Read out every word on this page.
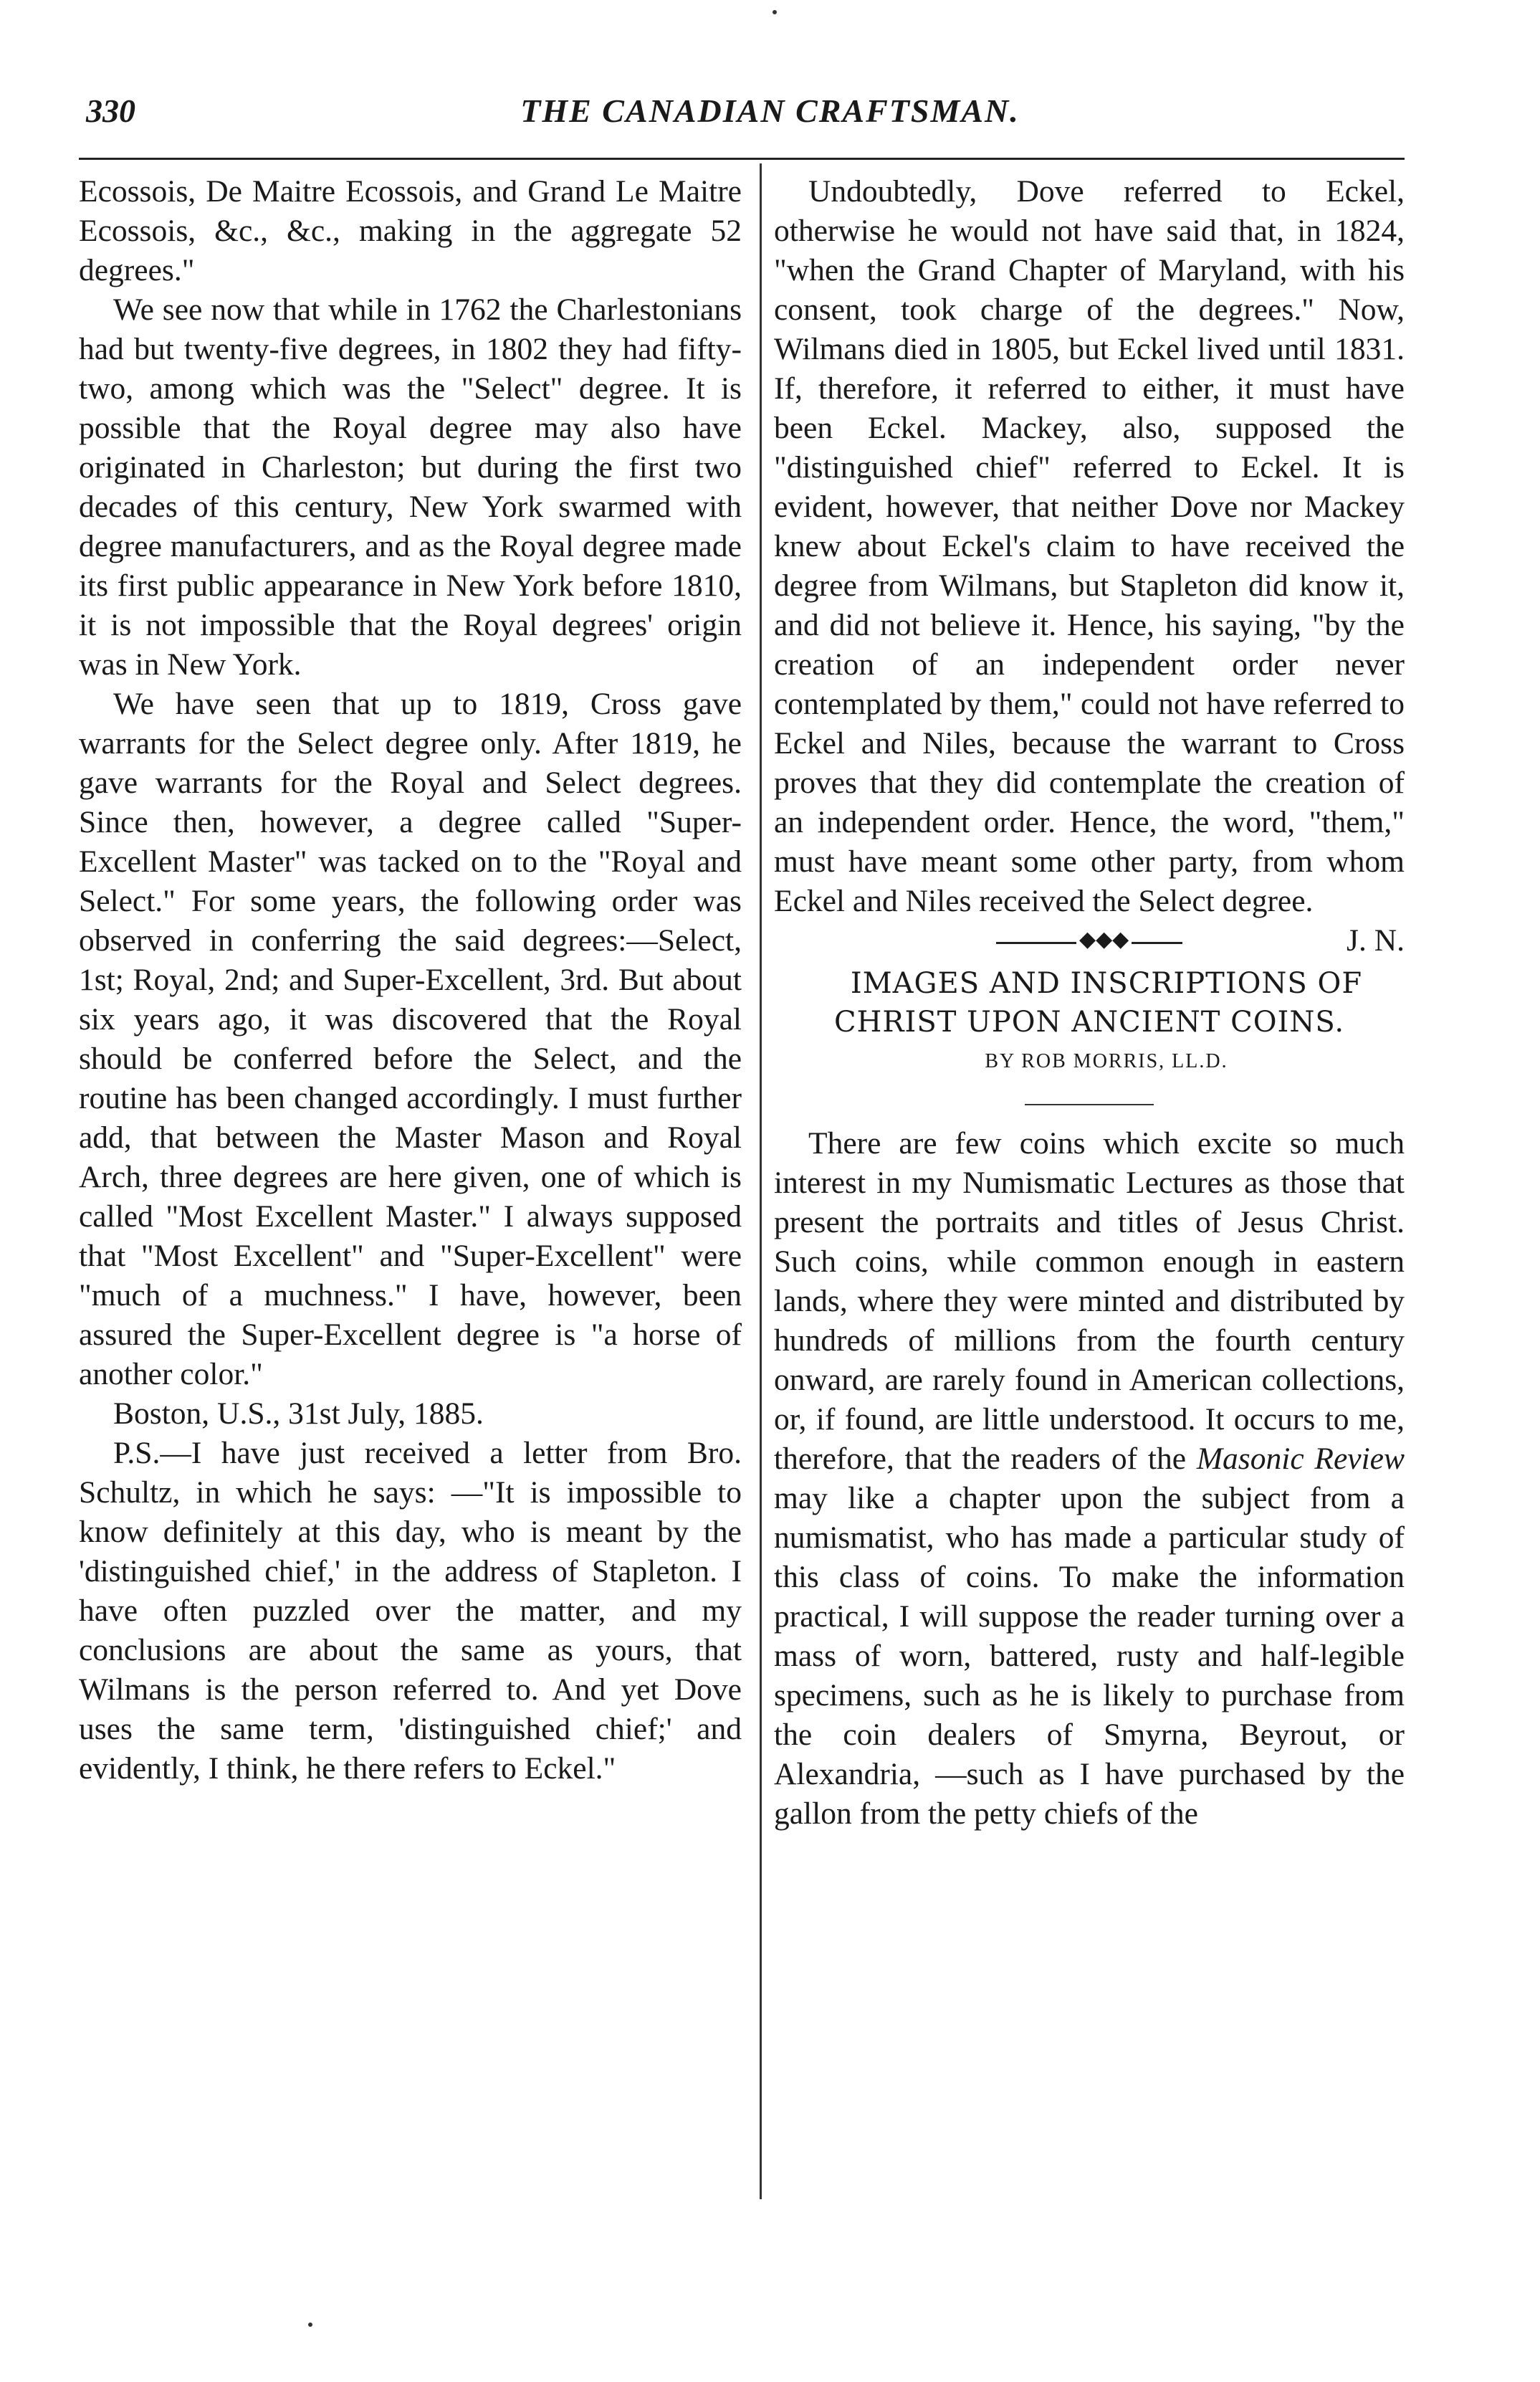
330	THE CANADIAN CRAFTSMAN.

Ecossois, De Maitre Ecossois, and Grand Le Maitre Ecossois, &c., &c., making in the aggregate 52 degrees."

We see now that while in 1762 the Charlestonians had but twenty-five degrees, in 1802 they had fifty-two, among which was the "Select" degree. It is possible that the Royal degree may also have originated in Charleston; but during the first two decades of this century, New York swarmed with degree manufacturers, and as the Royal degree made its first public appearance in New York before 1810, it is not impossible that the Royal degrees' origin was in New York.

We have seen that up to 1819, Cross gave warrants for the Select degree only. After 1819, he gave warrants for the Royal and Select degrees. Since then, however, a degree called "Super-Excellent Master" was tacked on to the "Royal and Select." For some years, the following order was observed in conferring the said degrees:—Select, 1st; Royal, 2nd; and Super-Excellent, 3rd. But about six years ago, it was discovered that the Royal should be conferred before the Select, and the routine has been changed accordingly. I must further add, that between the Master Mason and Royal Arch, three degrees are here given, one of which is called "Most Excellent Master." I always supposed that "Most Excellent" and "Super-Excellent" were "much of a muchness." I have, however, been assured the Super-Excellent degree is "a horse of another color."

Boston, U.S., 31st July, 1885.

P.S.—I have just received a letter from Bro. Schultz, in which he says: —"It is impossible to know definitely at this day, who is meant by the 'distinguished chief,' in the address of Stapleton. I have often puzzled over the matter, and my conclusions are about the same as yours, that Wilmans is the person referred to. And yet Dove uses the same term, 'distinguished chief;' and evidently, I think, he there refers to Eckel."

Undoubtedly, Dove referred to Eckel, otherwise he would not have said that, in 1824, "when the Grand Chapter of Maryland, with his consent, took charge of the degrees." Now, Wilmans died in 1805, but Eckel lived until 1831. If, therefore, it referred to either, it must have been Eckel. Mackey, also, supposed the "distinguished chief" referred to Eckel. It is evident, however, that neither Dove nor Mackey knew about Eckel's claim to have received the degree from Wilmans, but Stapleton did know it, and did not believe it. Hence, his saying, "by the creation of an independent order never contemplated by them," could not have referred to Eckel and Niles, because the warrant to Cross proves that they did contemplate the creation of an independent order. Hence, the word, "them," must have meant some other party, from whom Eckel and Niles received the Select degree.
J. N.

◆◆◆

IMAGES AND INSCRIPTIONS OF
CHRIST UPON ANCIENT COINS.

BY ROB MORRIS, LL.D.

There are few coins which excite so much interest in my Numismatic Lectures as those that present the portraits and titles of Jesus Christ. Such coins, while common enough in eastern lands, where they were minted and distributed by hundreds of millions from the fourth century onward, are rarely found in American collections, or, if found, are little understood. It occurs to me, therefore, that the readers of the Masonic Review may like a chapter upon the subject from a numismatist, who has made a particular study of this class of coins. To make the information practical, I will suppose the reader turning over a mass of worn, battered, rusty and half-legible specimens, such as he is likely to purchase from the coin dealers of Smyrna, Beyrout, or Alexandria, —such as I have purchased by the gallon from the petty chiefs of the
